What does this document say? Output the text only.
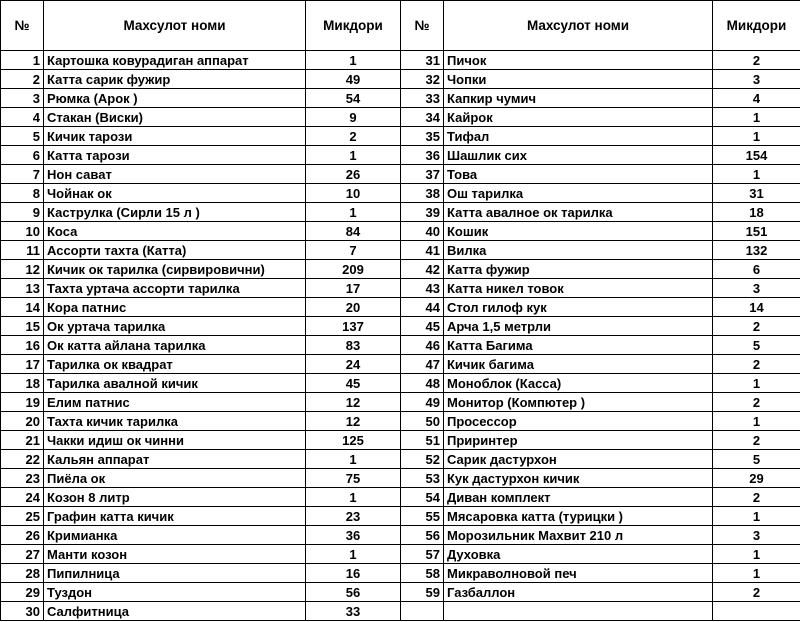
№	Махсулот номи	Микдори
1	Картошка ковурадиган аппарат	1
2	Катта сарик фужир	49
3	Рюмка (Арок )	54
4	Стакан (Виски)	9
5	Кичик тарози	2
6	Катта тарози	1
7	Нон сават	26
8	Чойнак ок	10
9	Каструлка (Сирли 15 л )	1
10	Коса	84
11	Ассорти тахта (Катта)	7
12	Кичик ок тарилка (сирвировични)	209
13	Тахта уртача ассорти тарилка	17
14	Кора патнис	20
15	Ок уртача тарилка	137
16	Ок катта айлана тарилка	83
17	Тарилка ок квадрат	24
18	Тарилка авалной кичик	45
19	Елим патнис	12
20	Тахта кичик тарилка	12
21	Чакки идиш ок чинни	125
22	Кальян аппарат	1
23	Пиёла ок	75
24	Козон 8 литр	1
25	Графин катта кичик	23
26	Кримианка	36
27	Манти козон	1
28	Пипилница	16
29	Туздон	56
30	Салфитница	33
№	Махсулот номи	Микдори
31	Пичок	2
32	Чопки	3
33	Капкир чумич	4
34	Кайрок	1
35	Тифал	1
36	Шашлик сих	154
37	Това	1
38	Ош тарилка	31
39	Катта авалное ок тарилка	18
40	Кошик	151
41	Вилка	132
42	Катта фужир	6
43	Катта никел товок	3
44	Стол гилоф кук	14
45	Арча 1,5 метрли	2
46	Катта Багима	5
47	Кичик багима	2
48	Моноблок (Касса)	1
49	Монитор (Компютер )	2
50	Просессор	1
51	Приринтер	2
52	Сарик дастурхон	5
53	Кук дастурхон кичик	29
54	Диван комплект	2
55	Мясаровка катта (турицки )	1
56	Морозильник Махвит 210 л	3
57	Духовка	1
58	Микраволновой печ	1
59	Газбаллон	2
